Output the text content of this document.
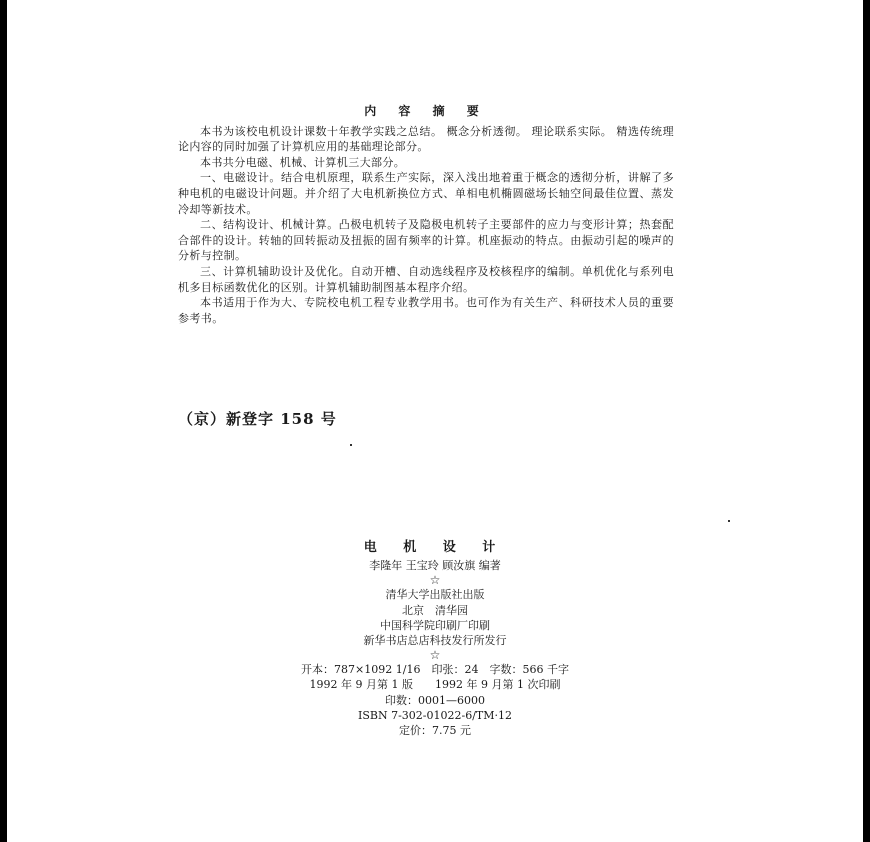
内 容 摘 要

本书为该校电机设计课数十年教学实践之总结。 概念分析透彻。 理论联系实际。 精选传统理论内容的同时加强了计算机应用的基础理论部分。

本书共分电磁、机械、计算机三大部分。

一、电磁设计。结合电机原理，联系生产实际，深入浅出地着重于概念的透彻分析，讲解了多种电机的电磁设计问题。并介绍了大电机新换位方式、单相电机椭圆磁场长轴空间最佳位置、蒸发冷却等新技术。

二、结构设计、机械计算。凸极电机转子及隐极电机转子主要部件的应力与变形计算；热套配合部件的设计。转轴的回转振动及扭振的固有频率的计算。机座振动的特点。由振动引起的噪声的分析与控制。

三、计算机辅助设计及优化。自动开槽、自动选线程序及校核程序的编制。单机优化与系列电机多目标函数优化的区别。计算机辅助制图基本程序介绍。

本书适用于作为大、专院校电机工程专业教学用书。也可作为有关生产、科研技术人员的重要参考书。

（京）新登字 158 号

电 机 设 计

李隆年 王宝玲 顾汝旗 编著

☆

清华大学出版社出版

北京　清华园

中国科学院印刷厂印刷

新华书店总店科技发行所发行

☆

开本：787×1092 1/16　印张：24　字数：566 千字

1992 年 9 月第 1 版　　1992 年 9 月第 1 次印刷

印数：0001—6000

ISBN 7-302-01022-6/TM·12

定价：7.75 元
